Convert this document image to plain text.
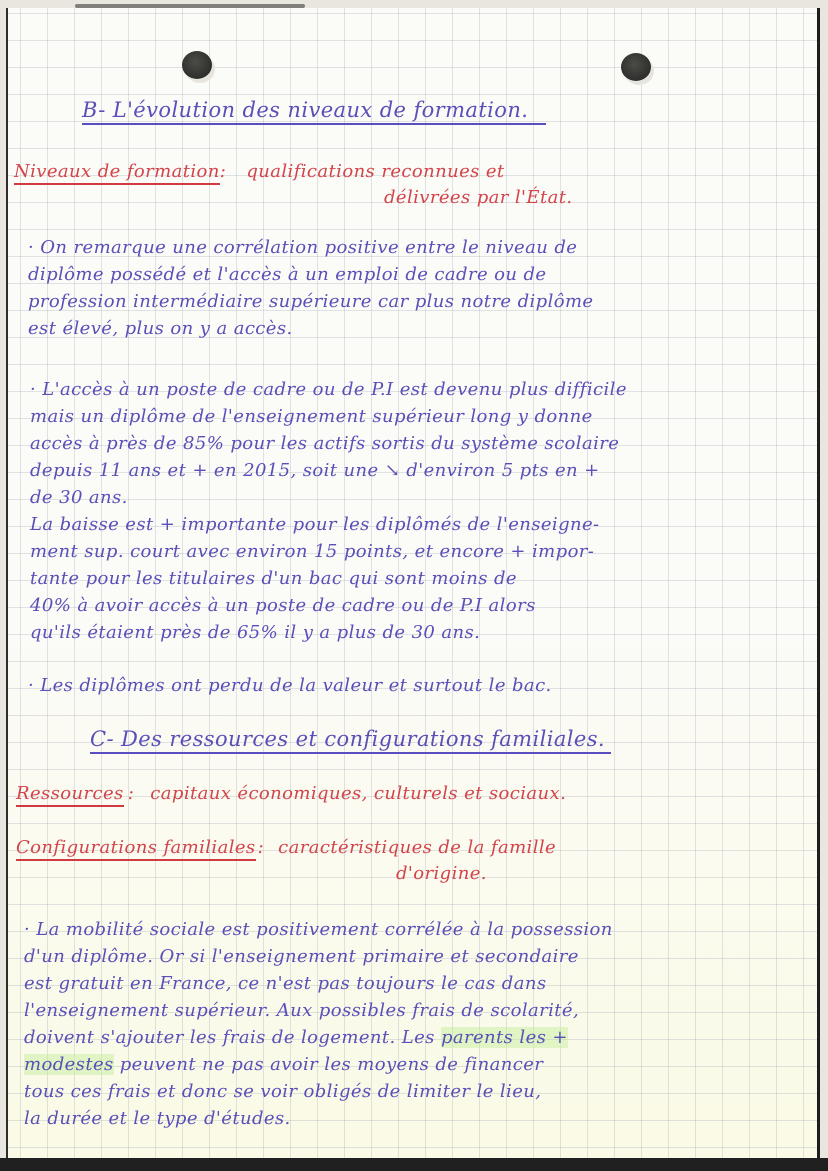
B- L'évolution des niveaux de formation.
Niveaux de formation: qualifications reconnues et
délivrées par l'État.
· On remarque une corrélation positive entre le niveau de
diplôme possédé et l'accès à un emploi de cadre ou de
profession intermédiaire supérieure car plus notre diplôme
est élevé, plus on y a accès.
· L'accès à un poste de cadre ou de P.I est devenu plus difficile
mais un diplôme de l'enseignement supérieur long y donne
accès à près de 85% pour les actifs sortis du système scolaire
depuis 11 ans et + en 2015, soit une ↘ d'environ 5 pts en +
de 30 ans.
La baisse est + importante pour les diplômés de l'enseigne-
ment sup. court avec environ 15 points, et encore + impor-
tante pour les titulaires d'un bac qui sont moins de
40% à avoir accès à un poste de cadre ou de P.I alors
qu'ils étaient près de 65% il y a plus de 30 ans.
· Les diplômes ont perdu de la valeur et surtout le bac.
C- Des ressources et configurations familiales.
Ressources : capitaux économiques, culturels et sociaux.
Configurations familiales : caractéristiques de la famille
d'origine.
· La mobilité sociale est positivement corrélée à la possession
d'un diplôme. Or si l'enseignement primaire et secondaire
est gratuit en France, ce n'est pas toujours le cas dans
l'enseignement supérieur. Aux possibles frais de scolarité,
doivent s'ajouter les frais de logement. Les parents les +
modestes peuvent ne pas avoir les moyens de financer
tous ces frais et donc se voir obligés de limiter le lieu,
la durée et le type d'études.
